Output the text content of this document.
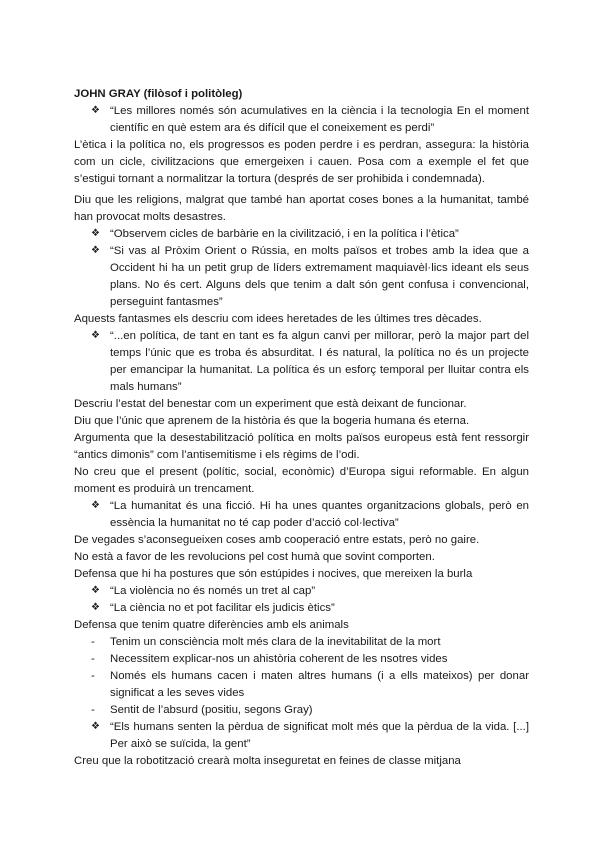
JOHN GRAY (filòsof i politòleg)
❖ “Les millores només són acumulatives en la ciència i la tecnologia En el moment científic en què estem ara és difícil que el coneixement es perdi”
L’ètica i la política no, els progressos es poden perdre i es perdran, assegura: la història com un cicle, civilitzacions que emergeixen i cauen. Posa com a exemple el fet que s’estigui tornant a normalitzar la tortura (després de ser prohibida i condemnada).
Diu que les religions, malgrat que també han aportat coses bones a la humanitat, també han provocat molts desastres.
❖ “Observem cicles de barbàrie en la civilització, i en la política i l’ètica”
❖ “Si vas al Pròxim Orient o Rússia, en molts països et trobes amb la idea que a Occident hi ha un petit grup de líders extremament maquiavèl·lics ideant els seus plans. No és cert. Alguns dels que tenim a dalt són gent confusa i convencional, perseguint fantasmes”
Aquests fantasmes els descriu com idees heretades de les últimes tres dècades.
❖ “...en política, de tant en tant es fa algun canvi per millorar, però la major part del temps l’únic que es troba és absurditat. I és natural, la política no és un projecte per emancipar la humanitat. La política és un esforç temporal per lluitar contra els mals humans”
Descriu l’estat del benestar com un experiment que està deixant de funcionar.
Diu que l’únic que aprenem de la història és que la bogeria humana és eterna.
Argumenta que la desestabilització política en molts països europeus està fent ressorgir “antics dimonis” com l’antisemitisme i els règims de l’odi.
No creu que el present (polític, social, econòmic) d’Europa sigui reformable. En algun moment es produirà un trencament.
❖ “La humanitat és una ficció. Hi ha unes quantes organitzacions globals, però en essència la humanitat no té cap poder d’acció col·lectiva”
De vegades s’aconsegueixen coses amb cooperació entre estats, però no gaire.
No està a favor de les revolucions pel cost humà que sovint comporten.
Defensa que hi ha postures que són estúpides i nocives, que mereixen la burla
❖ “La violència no és només un tret al cap”
❖ “La ciència no et pot facilitar els judicis ètics”
Defensa que tenim quatre diferències amb els animals
- Tenim un consciència molt més clara de la inevitabilitat de la mort
- Necessitem explicar-nos un ahistòria coherent de les nsotres vides
- Només els humans cacen i maten altres humans (i a ells mateixos) per donar significat a les seves vides
- Sentit de l’absurd (positiu, segons Gray)
❖ “Els humans senten la pèrdua de significat molt més que la pèrdua de la vida. [...] Per això se suïcida, la gent”
Creu que la robotització crearà molta inseguretat en feines de classe mitjana
